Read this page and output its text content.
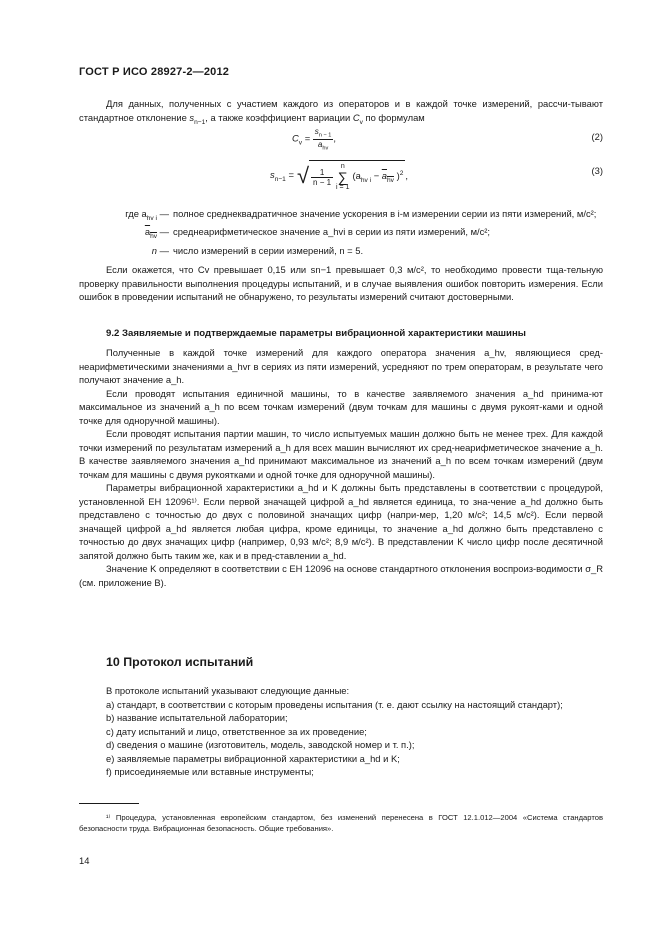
ГОСТ Р ИСО 28927-2—2012

Для данных, полученных с участием каждого из операторов и в каждой точке измерений, рассчи-тывают стандартное отклонение $s_{n-1}$, а также коэффициент вариации $C_v$ по формулам

$C_v = \frac{s_{n - 1}}{a_{hv}}$ ,	(2)
$s_{n-1}$ = √ $\frac{1}{n - 1}$
n
∑
i = 1
($a_{hv i} - a_{hv}$ )$^2$ ,	(3)
где $a_{hv i}$ — полное среднеквадратичное значение ускорения в i-м измерении серии из пяти измерений, м/с²;
$a_{hv}$ — среднеарифметическое значение a_hvi в серии из пяти измерений, м/с²;
n — число измерений в серии измерений, n = 5.

Если окажется, что Cv превышает 0,15 или sn−1 превышает 0,3 м/с², то необходимо провести тща-тельную проверку правильности выполнения процедуры испытаний, и в случае выявления ошибок повторить измерения. Если ошибок в проведении испытаний не обнаружено, то результаты измерений считают достоверными.

9.2 Заявляемые и подтверждаемые параметры вибрационной характеристики машины

Полученные в каждой точке измерений для каждого оператора значения a_hv, являющиеся сред-неарифметическими значениями a_hvr в сериях из пяти измерений, усредняют по трем операторам, в результате чего получают значение a_h.

Если проводят испытания единичной машины, то в качестве заявляемого значения a_hd принима-ют максимальное из значений a_h по всем точкам измерений (двум точкам для машины с двумя рукоят-ками и одной точке для одноручной машины).

Если проводят испытания партии машин, то число испытуемых машин должно быть не менее трех. Для каждой точки измерений по результатам измерений a_h для всех машин вычисляют их сред-неарифметическое значение a_h. В качестве заявляемого значения a_hd принимают максимальное из значений a_h по всем точкам измерений (двум точкам для машины с двумя рукоятками и одной точке для одноручной машины).

Параметры вибрационной характеристики a_hd и K должны быть представлены в соответствии с процедурой, установленной ЕН 12096¹⁾. Если первой значащей цифрой a_hd является единица, то зна-чение a_hd должно быть представлено с точностью до двух с половиной значащих цифр (напри-мер, 1,20 м/с²; 14,5 м/с²). Если первой значащей цифрой a_hd является любая цифра, кроме единицы, то значение a_hd должно быть представлено с точностью до двух значащих цифр (например, 0,93 м/с²; 8,9 м/с²). В представлении K число цифр после десятичной запятой должно быть таким же, как и в пред-ставлении a_hd.

Значение K определяют в соответствии с ЕН 12096 на основе стандартного отклонения воспроиз-водимости σ_R (см. приложение В).

10 Протокол испытаний

В протоколе испытаний указывают следующие данные:

а) стандарт, в соответствии с которым проведены испытания (т. е. дают ссылку на настоящий стандарт);

b) название испытательной лаборатории;

c) дату испытаний и лицо, ответственное за их проведение;

d) сведения о машине (изготовитель, модель, заводской номер и т. п.);

e) заявляемые параметры вибрационной характеристики a_hd и K;

f) присоединяемые или вставные инструменты;

¹⁾ Процедура, установленная европейским стандартом, без изменений перенесена в ГОСТ 12.1.012—2004 «Система стандартов безопасности труда. Вибрационная безопасность. Общие требования».
14
